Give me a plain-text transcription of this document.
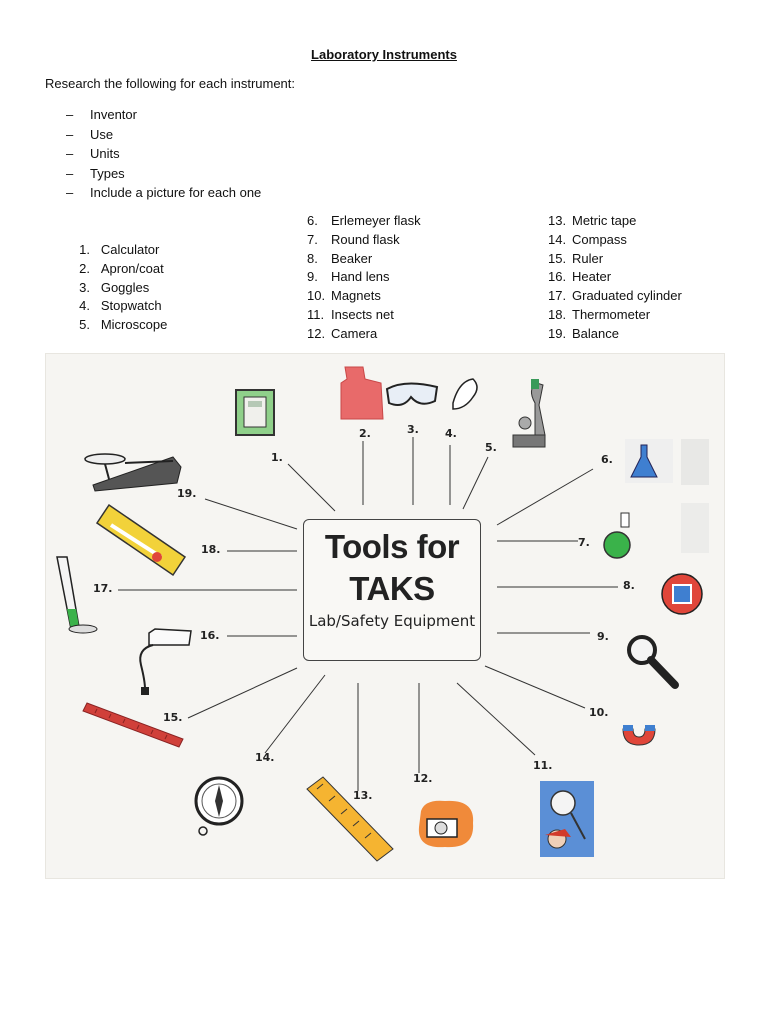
Laboratory Instruments
Research the following for each instrument:
–	Inventor
–	Use
–	Units
–	Types
–	Include a picture for each one
1.
Calculator
2.
Apron/coat
3.
Goggles
4.
Stopwatch
5.
Microscope
6.	Erlemeyer flask
7.	Round flask
8.	Beaker
9.	Hand lens
10. Magnets
11. Insects net
12. Camera
13. Metric tape
14. Compass
15. Ruler
16. Heater
17. Graduated cylinder
18. Thermometer
19. Balance
Tools for
TAKS
Lab/Safety Equipment
1.
2.	3. 4.
5.
6.
7.
8.
9.
10.
11.
12.
13.
14.
15.
16.
17.
18.
19.
